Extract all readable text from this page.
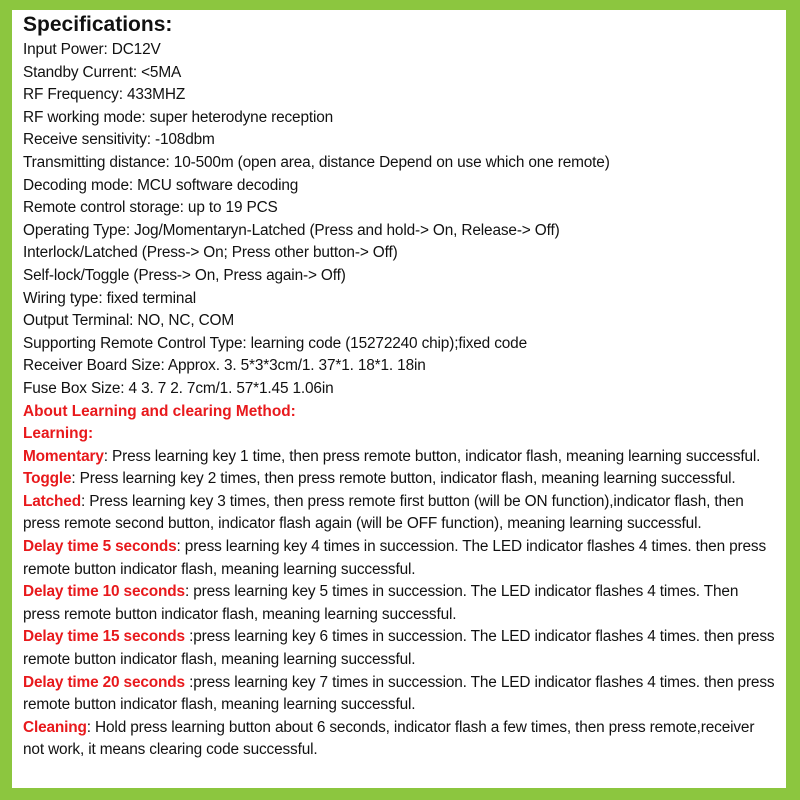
Specifications:
Input Power: DC12V
Standby Current: <5MA
RF Frequency: 433MHZ
RF working mode: super heterodyne reception
Receive sensitivity: -108dbm
Transmitting distance: 10-500m (open area, distance Depend on use which one remote)
Decoding mode: MCU software decoding
Remote control storage: up to 19 PCS
Operating Type: Jog/Momentaryn-Latched (Press and hold-> On, Release-> Off)
Interlock/Latched (Press-> On; Press other button-> Off)
Self-lock/Toggle (Press-> On, Press again-> Off)
Wiring type: fixed terminal
Output Terminal: NO, NC, COM
Supporting Remote Control Type: learning code (15272240 chip);fixed code
Receiver Board Size: Approx. 3. 5*3*3cm/1. 37*1. 18*1. 18in
Fuse Box Size: 4 3. 7 2. 7cm/1. 57*1.45 1.06in
About Learning and clearing Method:
Learning:
Momentary: Press learning key 1 time, then press remote button, indicator flash, meaning learning successful.
Toggle: Press learning key 2 times, then press remote button, indicator flash, meaning learning successful.
Latched: Press learning key 3 times, then press remote first button (will be ON function),indicator flash, then press remote second button, indicator flash again (will be OFF function), meaning learning successful.
Delay time 5 seconds: press learning key 4 times in succession. The LED indicator flashes 4 times. then press remote button indicator flash, meaning learning successful.
Delay time 10 seconds: press learning key 5 times in succession. The LED indicator flashes 4 times. Then press remote button indicator flash, meaning learning successful.
Delay time 15 seconds :press learning key 6 times in succession. The LED indicator flashes 4 times. then press remote button indicator flash, meaning learning successful.
Delay time 20 seconds :press learning key 7 times in succession. The LED indicator flashes 4 times. then press remote button indicator flash, meaning learning successful.
Cleaning: Hold press learning button about 6 seconds, indicator flash a few times, then press remote,receiver not work, it means clearing code successful.
